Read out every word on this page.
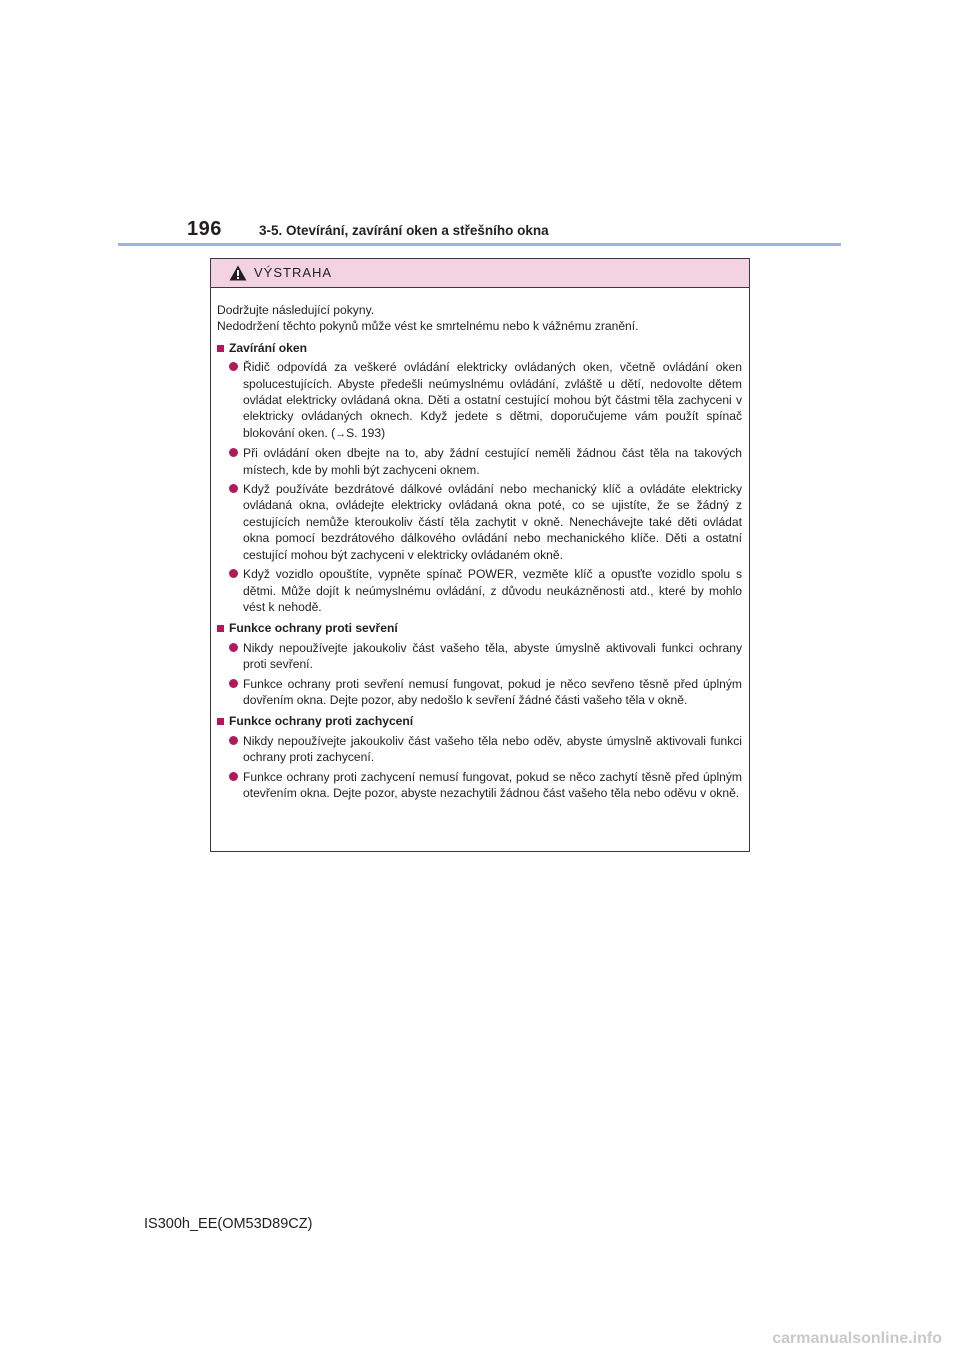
196	3-5. Otevírání, zavírání oken a střešního okna
VÝSTRAHA

Dodržujte následující pokyny.
Nedodržení těchto pokynů může vést ke smrtelnému nebo k vážnému zranění.

Zavírání oken
Řidič odpovídá za veškeré ovládání elektricky ovládaných oken, včetně ovládání oken spolucestujících. Abyste předešli neúmyslnému ovládání, zvláště u dětí, nedovolte dětem ovládat elektricky ovládaná okna. Děti a ostatní cestující mohou být částmi těla zachyceni v elektricky ovládaných oknech. Když jedete s dětmi, doporučujeme vám použít spínač blokování oken. (→S. 193)
Při ovládání oken dbejte na to, aby žádní cestující neměli žádnou část těla na takových místech, kde by mohli být zachyceni oknem.
Když používáte bezdrátové dálkové ovládání nebo mechanický klíč a ovládáte elektricky ovládaná okna, ovládejte elektricky ovládaná okna poté, co se ujistíte, že se žádný z cestujících nemůže kteroukoliv částí těla zachytit v okně. Nenechávejte také děti ovládat okna pomocí bezdrátového dálkového ovládání nebo mechanického klíče. Děti a ostatní cestující mohou být zachyceni v elektricky ovládaném okně.
Když vozidlo opouštíte, vypněte spínač POWER, vezměte klíč a opusťte vozidlo spolu s dětmi. Může dojít k neúmyslnému ovládání, z důvodu neukázněnosti atd., které by mohlo vést k nehodě.
Funkce ochrany proti sevření
Nikdy nepoužívejte jakoukoliv část vašeho těla, abyste úmyslně aktivovali funkci ochrany proti sevření.
Funkce ochrany proti sevření nemusí fungovat, pokud je něco sevřeno těsně před úplným dovřením okna. Dejte pozor, aby nedošlo k sevření žádné části vašeho těla v okně.
Funkce ochrany proti zachycení
Nikdy nepoužívejte jakoukoliv část vašeho těla nebo oděv, abyste úmyslně aktivovali funkci ochrany proti zachycení.
Funkce ochrany proti zachycení nemusí fungovat, pokud se něco zachytí těsně před úplným otevřením okna. Dejte pozor, abyste nezachytili žádnou část vašeho těla nebo oděvu v okně.
IS300h_EE(OM53D89CZ)
carmanualsonline.info
